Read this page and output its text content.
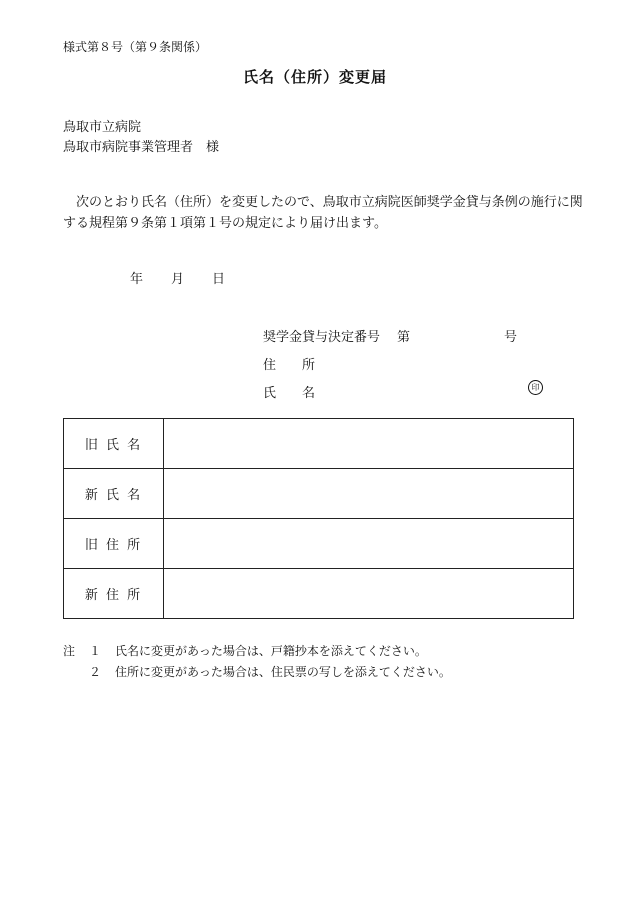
様式第８号（第９条関係）
氏名（住所）変更届
鳥取市立病院
鳥取市病院事業管理者　様
次のとおり氏名（住所）を変更したので、鳥取市立病院医師奨学金貸与条例の施行に関する規程第９条第１項第１号の規定により届け出ます。
年 月 日
奨学金貸与決定番号 第	号
住　　所
氏　　名	印
旧 氏 名	
新 氏 名	
旧 住 所	
新 住 所	
注 １ 氏名に変更があった場合は、戸籍抄本を添えてください。
２ 住所に変更があった場合は、住民票の写しを添えてください。
